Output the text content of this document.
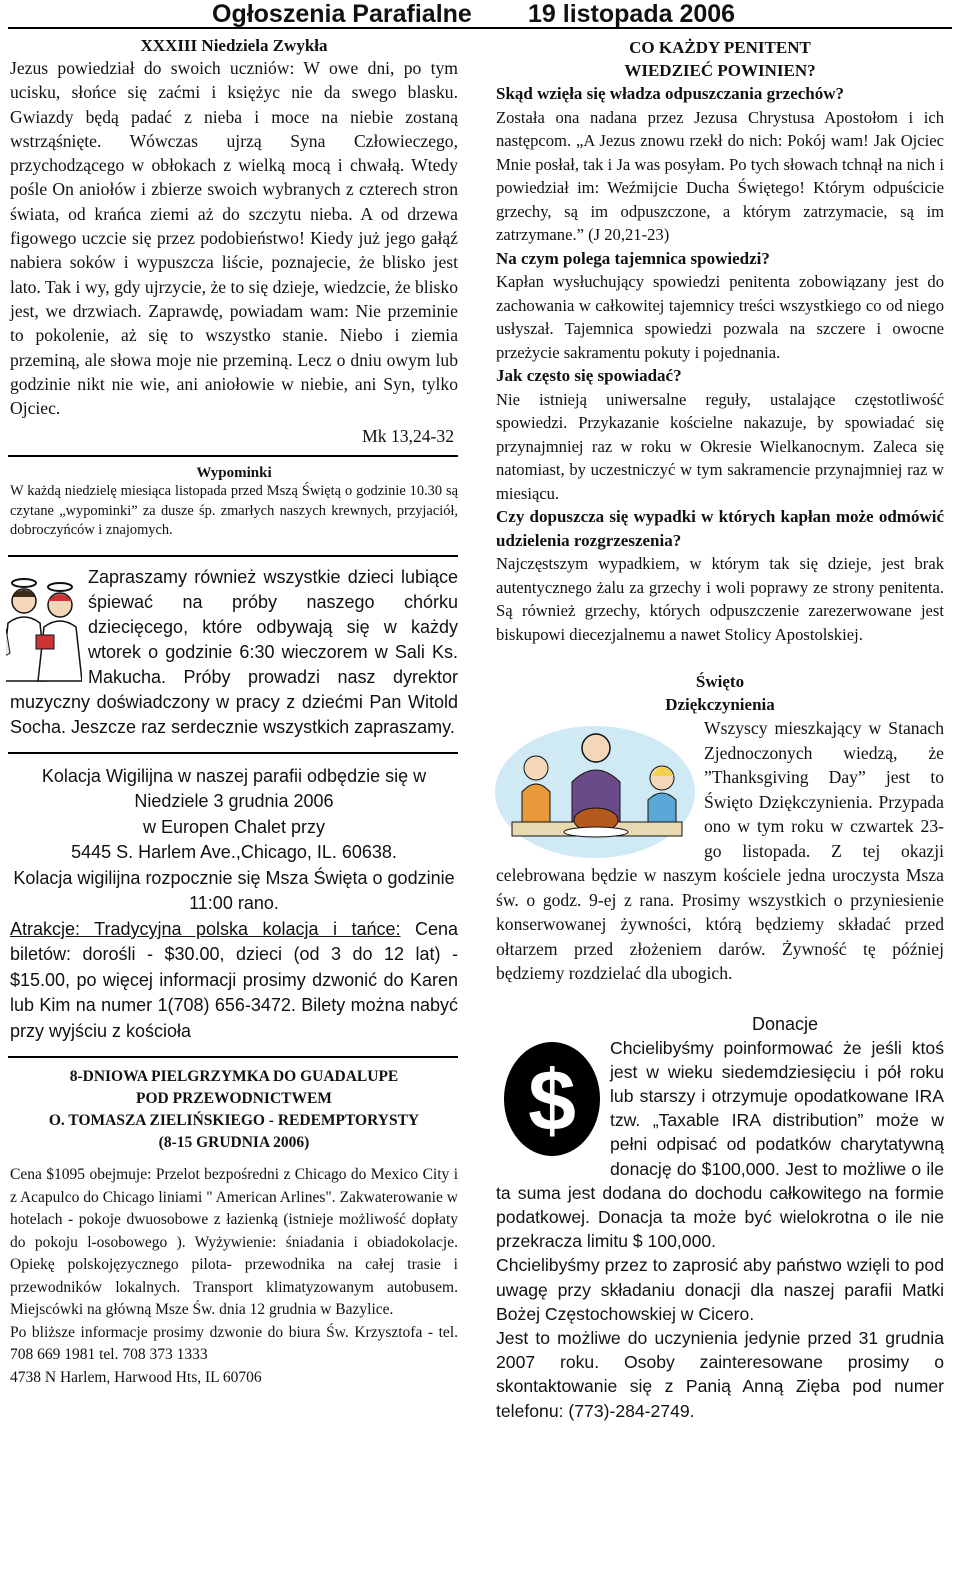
Ogłoszenia Parafialne 19 listopada 2006

XXXIII Niedziela Zwykła

Jezus powiedział do swoich uczniów: W owe dni, po tym ucisku, słońce się zaćmi i księżyc nie da swego blasku. Gwiazdy będą padać z nieba i moce na niebie zostaną wstrząśnięte. Wówczas ujrzą Syna Człowieczego, przychodzącego w obłokach z wielką mocą i chwałą. Wtedy pośle On aniołów i zbierze swoich wybranych z czterech stron świata, od krańca ziemi aż do szczytu nieba. A od drzewa figowego uczcie się przez podobieństwo! Kiedy już jego gałąź nabiera soków i wypuszcza liście, poznajecie, że blisko jest lato. Tak i wy, gdy ujrzycie, że to się dzieje, wiedzcie, że blisko jest, we drzwiach. Zaprawdę, powiadam wam: Nie przeminie to pokolenie, aż się to wszystko stanie. Niebo i ziemia przeminą, ale słowa moje nie przeminą. Lecz o dniu owym lub godzinie nikt nie wie, ani aniołowie w niebie, ani Syn, tylko Ojciec.

Mk 13,24-32

Wypominki

W każdą niedzielę miesiąca listopada przed Mszą Świętą o godzinie 10.30 są czytane „wypominki” za dusze śp. zmarłych naszych krewnych, przyjaciół, dobroczyńców i znajomych.

Zapraszamy również wszystkie dzieci lubiące śpiewać na próby naszego chórku dziecięcego, które odbywają się w każdy wtorek o godzinie 6:30 wieczorem w Sali Ks. Makucha. Próby prowadzi nasz dyrektor muzyczny doświadczony w pracy z dziećmi Pan Witold Socha. Jeszcze raz serdecznie wszystkich zapraszamy.

Kolacja Wigilijna w naszej parafii odbędzie się w Niedziele 3 grudnia 2006

w Europen Chalet przy

5445 S. Harlem Ave.,Chicago, IL. 60638.

Kolacja wigilijna rozpocznie się Msza Święta o godzinie 11:00 rano.

Atrakcje: Tradycyjna polska kolacja i tańce: Cena biletów: dorośli - $30.00, dzieci (od 3 do 12 lat) - $15.00, po więcej informacji prosimy dzwonić do Karen lub Kim na numer 1(708) 656-3472. Bilety można nabyć przy wyjściu z kościoła

8-DNIOWA PIELGRZYMKA DO GUADALUPE

POD PRZEWODNICTWEM

O. TOMASZA ZIELIŃSKIEGO - REDEMPTORYSTY

(8-15 GRUDNIA 2006)

Cena $1095 obejmuje: Przelot bezpośredni z Chicago do Mexico City i z Acapulco do Chicago liniami " American Arlines". Zakwaterowanie w hotelach - pokoje dwuosobowe z łazienką (istnieje możliwość dopłaty do pokoju l-osobowego ). Wyżywienie: śniadania i obiadokolacje. Opiekę polskojęzycznego pilota- przewodnika na całej trasie i przewodników lokalnych. Transport klimatyzowanym autobusem. Miejscówki na główną Msze Św. dnia 12 grudnia w Bazylice.

Po bliższe informacje prosimy dzwonie do biura Św. Krzysztofa - tel. 708 669 1981 tel. 708 373 1333

4738 N Harlem, Harwood Hts, IL 60706

CO KAŻDY PENITENT

WIEDZIEĆ POWINIEN?

Skąd wzięła się władza odpuszczania grzechów?

Została ona nadana przez Jezusa Chrystusa Apostołom i ich następcom. „A Jezus znowu rzekł do nich: Pokój wam! Jak Ojciec Mnie posłał, tak i Ja was posyłam. Po tych słowach tchnął na nich i powiedział im: Weźmijcie Ducha Świętego! Którym odpuścicie grzechy, są im odpuszczone, a którym zatrzymacie, są im zatrzymane.” (J 20,21-23)

Na czym polega tajemnica spowiedzi?

Kapłan wysłuchujący spowiedzi penitenta zobowiązany jest do zachowania w całkowitej tajemnicy treści wszystkiego co od niego usłyszał. Tajemnica spowiedzi pozwala na szczere i owocne przeżycie sakramentu pokuty i pojednania.

Jak często się spowiadać?

Nie istnieją uniwersalne reguły, ustalające częstotliwość spowiedzi. Przykazanie kościelne nakazuje, by spowiadać się przynajmniej raz w roku w Okresie Wielkanocnym. Zaleca się natomiast, by uczestniczyć w tym sakramencie przynajmniej raz w miesiącu.

Czy dopuszcza się wypadki w których kapłan może odmówić udzielenia rozgrzeszenia?

Najczęstszym wypadkiem, w którym tak się dzieje, jest brak autentycznego żalu za grzechy i woli poprawy ze strony penitenta. Są również grzechy, których odpuszczenie zarezerwowane jest biskupowi diecezjalnemu a nawet Stolicy Apostolskiej.

Święto

Dziękczynienia

Wszyscy mieszkający w Stanach Zjednoczonych wiedzą, że ”Thanksgiving Day” jest to Święto Dziękczynienia. Przypada ono w tym roku w czwartek 23-go listopada. Z tej okazji celebrowana będzie w naszym kościele jedna uroczysta Msza św. o godz. 9-ej z rana. Prosimy wszystkich o przyniesienie konserwowanej żywności, którą będziemy składać przed ołtarzem przed złożeniem darów. Żywność tę później będziemy rozdzielać dla ubogich.

Donacje

$

Chcielibyśmy poinformować że jeśli ktoś jest w wieku siedemdziesięciu i pół roku lub starszy i otrzymuje opodatkowane IRA tzw. „Taxable IRA distribution” może w pełni odpisać od podatków charytatywną donację do $100,000. Jest to możliwe o ile ta suma jest dodana do dochodu całkowitego na formie podatkowej. Donacja ta może być wielokrotna o ile nie przekracza limitu $ 100,000.

Chcielibyśmy przez to zaprosić aby państwo wzięli to pod uwagę przy składaniu donacji dla naszej parafii Matki Bożej Częstochowskiej w Cicero.

Jest to możliwe do uczynienia jedynie przed 31 grudnia 2007 roku. Osoby zainteresowane prosimy o skontaktowanie się z Panią Anną Zięba pod numer telefonu: (773)-284-2749.
